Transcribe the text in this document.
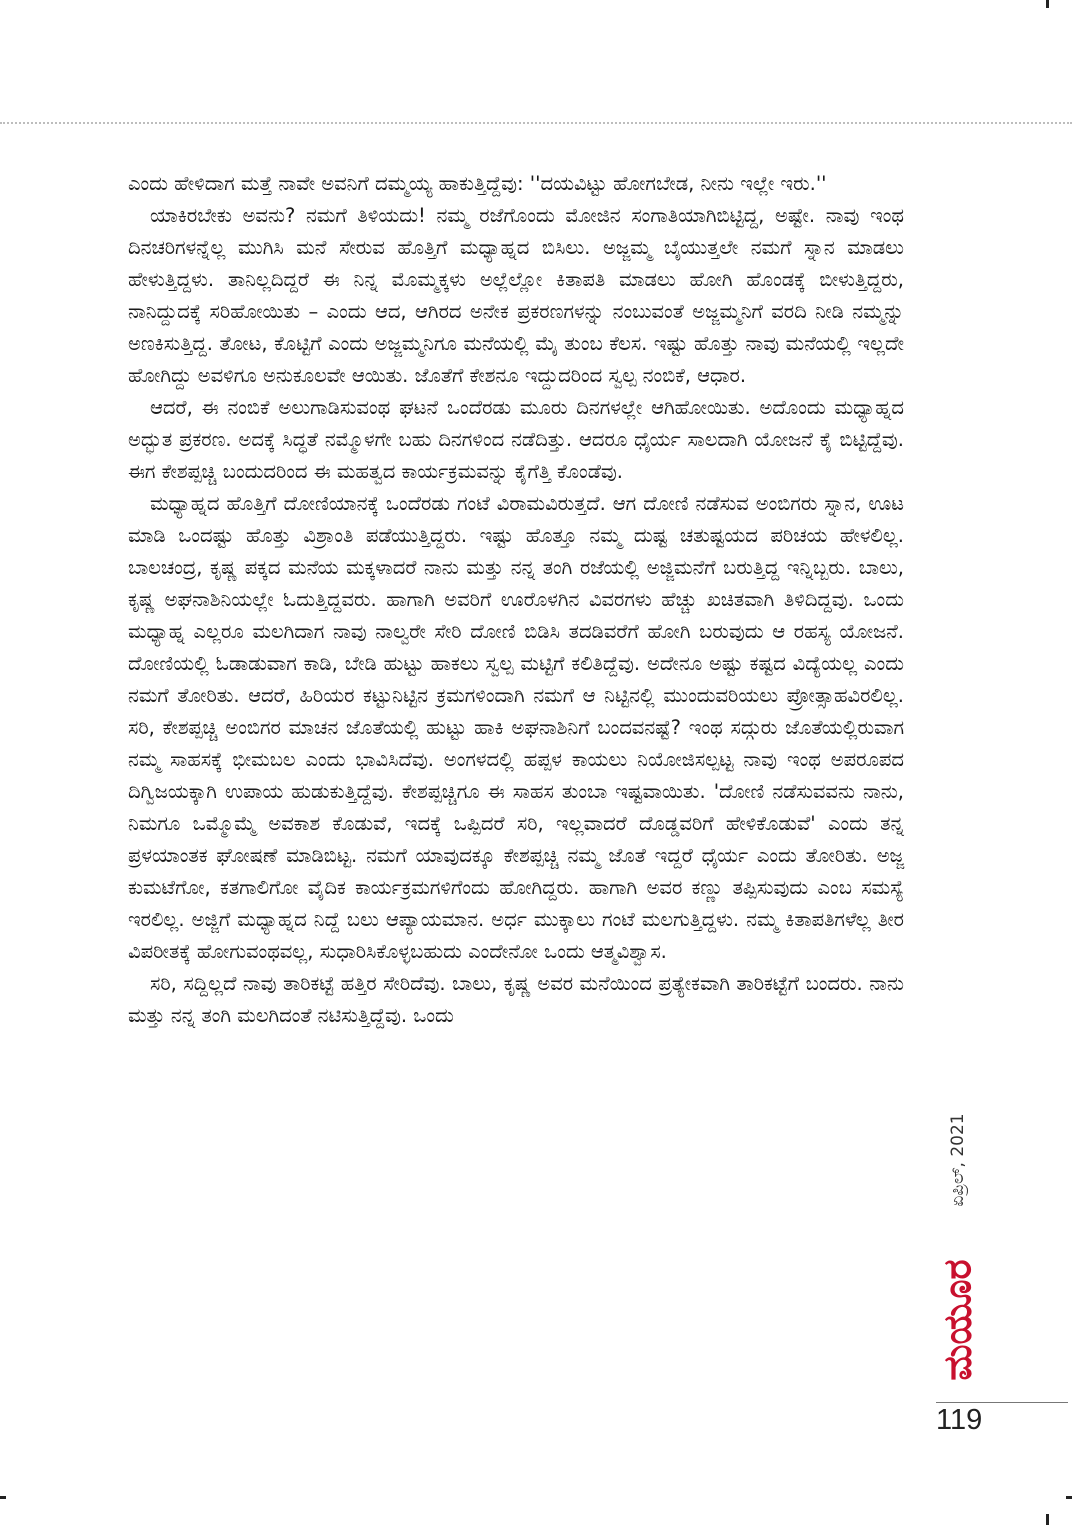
ಎಂದು ಹೇಳಿದಾಗ ಮತ್ತೆ ನಾವೇ ಅವನಿಗೆ ದಮ್ಮಯ್ಯ ಹಾಕುತ್ತಿದ್ದೆವು: ''ದಯವಿಟ್ಟು ಹೋಗಬೇಡ, ನೀನು ಇಲ್ಲೇ ಇರು.''

ಯಾಕಿರಬೇಕು ಅವನು? ನಮಗೆ ತಿಳಿಯದು! ನಮ್ಮ ರಜೆಗೊಂದು ಮೋಜಿನ ಸಂಗಾತಿಯಾಗಿಬಿಟ್ಟಿದ್ದ, ಅಷ್ಟೇ. ನಾವು ಇಂಥ ದಿನಚರಿಗಳನ್ನೆಲ್ಲ ಮುಗಿಸಿ ಮನೆ ಸೇರುವ ಹೊತ್ತಿಗೆ ಮಧ್ಯಾಹ್ನದ ಬಿಸಿಲು. ಅಜ್ಜಮ್ಮ ಬೈಯುತ್ತಲೇ ನಮಗೆ ಸ್ನಾನ ಮಾಡಲು ಹೇಳುತ್ತಿದ್ದಳು. ತಾನಿಲ್ಲದಿದ್ದರೆ ಈ ನಿನ್ನ ಮೊಮ್ಮಕ್ಕಳು ಅಲ್ಲೆಲ್ಲೋ ಕಿತಾಪತಿ ಮಾಡಲು ಹೋಗಿ ಹೊಂಡಕ್ಕೆ ಬೀಳುತ್ತಿದ್ದರು, ನಾನಿದ್ದುದಕ್ಕೆ ಸರಿಹೋಯಿತು – ಎಂದು ಆದ, ಆಗಿರದ ಅನೇಕ ಪ್ರಕರಣಗಳನ್ನು ನಂಬುವಂತೆ ಅಜ್ಜಮ್ಮನಿಗೆ ವರದಿ ನೀಡಿ ನಮ್ಮನ್ನು ಅಣಕಿಸುತ್ತಿದ್ದ. ತೋಟ, ಕೊಟ್ಟಿಗೆ ಎಂದು ಅಜ್ಜಮ್ಮನಿಗೂ ಮನೆಯಲ್ಲಿ ಮೈ ತುಂಬ ಕೆಲಸ. ಇಷ್ಟು ಹೊತ್ತು ನಾವು ಮನೆಯಲ್ಲಿ ಇಲ್ಲದೇ ಹೋಗಿದ್ದು ಅವಳಿಗೂ ಅನುಕೂಲವೇ ಆಯಿತು. ಜೊತೆಗೆ ಕೇಶನೂ ಇದ್ದುದರಿಂದ ಸ್ವಲ್ಪ ನಂಬಿಕೆ, ಆಧಾರ.

ಆದರೆ, ಈ ನಂಬಿಕೆ ಅಲುಗಾಡಿಸುವಂಥ ಘಟನೆ ಒಂದೆರಡು ಮೂರು ದಿನಗಳಲ್ಲೇ ಆಗಿಹೋಯಿತು. ಅದೊಂದು ಮಧ್ಯಾಹ್ನದ ಅದ್ಭುತ ಪ್ರಕರಣ. ಅದಕ್ಕೆ ಸಿದ್ಧತೆ ನಮ್ಮೊಳಗೇ ಬಹು ದಿನಗಳಿಂದ ನಡೆದಿತ್ತು. ಆದರೂ ಧೈರ್ಯ ಸಾಲದಾಗಿ ಯೋಜನೆ ಕೈ ಬಿಟ್ಟಿದ್ದೆವು. ಈಗ ಕೇಶಪ್ಪಚ್ಚಿ ಬಂದುದರಿಂದ ಈ ಮಹತ್ವದ ಕಾರ್ಯಕ್ರಮವನ್ನು ಕೈಗೆತ್ತಿ ಕೊಂಡೆವು.

ಮಧ್ಯಾಹ್ನದ ಹೊತ್ತಿಗೆ ದೋಣಿಯಾನಕ್ಕೆ ಒಂದೆರಡು ಗಂಟೆ ವಿರಾಮವಿರುತ್ತದೆ. ಆಗ ದೋಣಿ ನಡೆಸುವ ಅಂಬಿಗರು ಸ್ನಾನ, ಊಟ ಮಾಡಿ ಒಂದಷ್ಟು ಹೊತ್ತು ವಿಶ್ರಾಂತಿ ಪಡೆಯುತ್ತಿದ್ದರು. ಇಷ್ಟು ಹೊತ್ತೂ ನಮ್ಮ ದುಷ್ಟ ಚತುಷ್ಟಯದ ಪರಿಚಯ ಹೇಳಲಿಲ್ಲ. ಬಾಲಚಂದ್ರ, ಕೃಷ್ಣ ಪಕ್ಕದ ಮನೆಯ ಮಕ್ಕಳಾದರೆ ನಾನು ಮತ್ತು ನನ್ನ ತಂಗಿ ರಜೆಯಲ್ಲಿ ಅಜ್ಜಿಮನೆಗೆ ಬರುತ್ತಿದ್ದ ಇನ್ನಿಬ್ಬರು. ಬಾಲು, ಕೃಷ್ಣ ಅಘನಾಶಿನಿಯಲ್ಲೇ ಓದುತ್ತಿದ್ದವರು. ಹಾಗಾಗಿ ಅವರಿಗೆ ಊರೊಳಗಿನ ವಿವರಗಳು ಹೆಚ್ಚು ಖಚಿತವಾಗಿ ತಿಳಿದಿದ್ದವು. ಒಂದು ಮಧ್ಯಾಹ್ನ ಎಲ್ಲರೂ ಮಲಗಿದಾಗ ನಾವು ನಾಲ್ವರೇ ಸೇರಿ ದೋಣಿ ಬಿಡಿಸಿ ತದಡಿವರೆಗೆ ಹೋಗಿ ಬರುವುದು ಆ ರಹಸ್ಯ ಯೋಜನೆ. ದೋಣಿಯಲ್ಲಿ ಓಡಾಡುವಾಗ ಕಾಡಿ, ಬೇಡಿ ಹುಟ್ಟು ಹಾಕಲು ಸ್ವಲ್ಪ ಮಟ್ಟಿಗೆ ಕಲಿತಿದ್ದೆವು. ಅದೇನೂ ಅಷ್ಟು ಕಷ್ಟದ ವಿದ್ಯೆಯಲ್ಲ ಎಂದು ನಮಗೆ ತೋರಿತು. ಆದರೆ, ಹಿರಿಯರ ಕಟ್ಟುನಿಟ್ಟಿನ ಕ್ರಮಗಳಿಂದಾಗಿ ನಮಗೆ ಆ ನಿಟ್ಟಿನಲ್ಲಿ ಮುಂದುವರಿಯಲು ಪ್ರೋತ್ಸಾಹವಿರಲಿಲ್ಲ. ಸರಿ, ಕೇಶಪ್ಪಚ್ಚಿ ಅಂಬಿಗರ ಮಾಚನ ಜೊತೆಯಲ್ಲಿ ಹುಟ್ಟು ಹಾಕಿ ಅಘನಾಶಿನಿಗೆ ಬಂದವನಷ್ಟೆ? ಇಂಥ ಸದ್ಗುರು ಜೊತೆಯಲ್ಲಿರುವಾಗ ನಮ್ಮ ಸಾಹಸಕ್ಕೆ ಭೀಮಬಲ ಎಂದು ಭಾವಿಸಿದೆವು. ಅಂಗಳದಲ್ಲಿ ಹಪ್ಪಳ ಕಾಯಲು ನಿಯೋಜಿಸಲ್ಪಟ್ಟ ನಾವು ಇಂಥ ಅಪರೂಪದ ದಿಗ್ವಿಜಯಕ್ಕಾಗಿ ಉಪಾಯ ಹುಡುಕುತ್ತಿದ್ದೆವು. ಕೇಶಪ್ಪಚ್ಚಿಗೂ ಈ ಸಾಹಸ ತುಂಬಾ ಇಷ್ಟವಾಯಿತು. 'ದೋಣಿ ನಡೆಸುವವನು ನಾನು, ನಿಮಗೂ ಒಮ್ಮೊಮ್ಮೆ ಅವಕಾಶ ಕೊಡುವೆ, ಇದಕ್ಕೆ ಒಪ್ಪಿದರೆ ಸರಿ, ಇಲ್ಲವಾದರೆ ದೊಡ್ಡವರಿಗೆ ಹೇಳಿಕೊಡುವೆ' ಎಂದು ತನ್ನ ಪ್ರಳಯಾಂತಕ ಘೋಷಣೆ ಮಾಡಿಬಿಟ್ಟ. ನಮಗೆ ಯಾವುದಕ್ಕೂ ಕೇಶಪ್ಪಚ್ಚಿ ನಮ್ಮ ಜೊತೆ ಇದ್ದರೆ ಧೈರ್ಯ ಎಂದು ತೋರಿತು. ಅಜ್ಜ ಕುಮಟೆಗೋ, ಕತಗಾಲಿಗೋ ವೈದಿಕ ಕಾರ್ಯಕ್ರಮಗಳಿಗೆಂದು ಹೋಗಿದ್ದರು. ಹಾಗಾಗಿ ಅವರ ಕಣ್ಣು ತಪ್ಪಿಸುವುದು ಎಂಬ ಸಮಸ್ಯೆ ಇರಲಿಲ್ಲ. ಅಜ್ಜಿಗೆ ಮಧ್ಯಾಹ್ನದ ನಿದ್ದೆ ಬಲು ಆಪ್ಯಾಯಮಾನ. ಅರ್ಧ ಮುಕ್ಕಾಲು ಗಂಟೆ ಮಲಗುತ್ತಿದ್ದಳು. ನಮ್ಮ ಕಿತಾಪತಿಗಳೆಲ್ಲ ತೀರ ವಿಪರೀತಕ್ಕೆ ಹೋಗುವಂಥವಲ್ಲ, ಸುಧಾರಿಸಿಕೊಳ್ಳಬಹುದು ಎಂದೇನೋ ಒಂದು ಆತ್ಮವಿಶ್ವಾಸ.

ಸರಿ, ಸದ್ದಿಲ್ಲದೆ ನಾವು ತಾರಿಕಟ್ಟೆ ಹತ್ತಿರ ಸೇರಿದೆವು. ಬಾಲು, ಕೃಷ್ಣ ಅವರ ಮನೆಯಿಂದ ಪ್ರತ್ಯೇಕವಾಗಿ ತಾರಿಕಟ್ಟೆಗೆ ಬಂದರು. ನಾನು ಮತ್ತು ನನ್ನ ತಂಗಿ ಮಲಗಿದಂತೆ ನಟಿಸುತ್ತಿದ್ದೆವು. ಒಂದು

ಏಪ್ರಿಲ್, 2021
ಮಯೂರ
119
